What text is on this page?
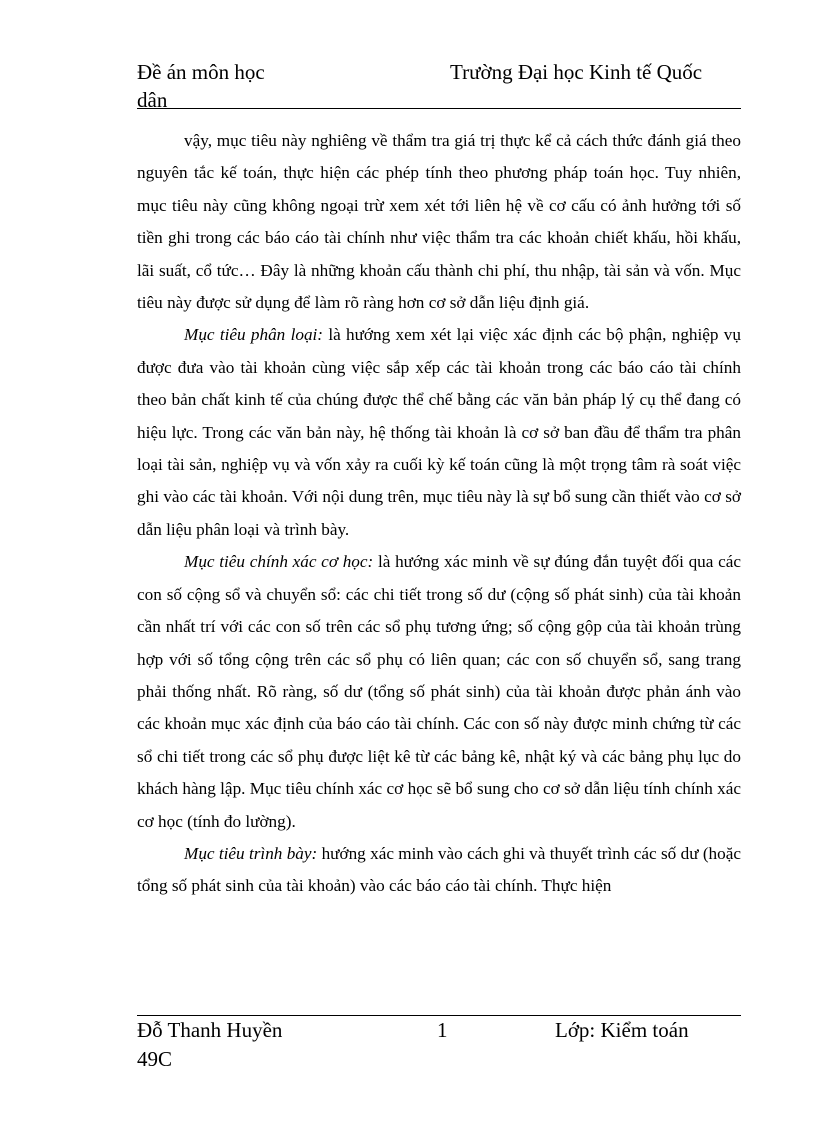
Đề án môn học dân
Trường Đại học Kinh tế Quốc

vậy, mục tiêu này nghiêng về thẩm tra giá trị thực kể cả cách thức đánh giá theo nguyên tắc kế toán, thực hiện các phép tính theo phương pháp toán học. Tuy nhiên, mục tiêu này cũng không ngoại trừ xem xét tới liên hệ về cơ cấu có ảnh hưởng tới số tiền ghi trong các báo cáo tài chính như việc thẩm tra các khoản chiết khấu, hồi khấu, lãi suất, cổ tức… Đây là những khoản cấu thành chi phí, thu nhập, tài sản và vốn. Mục tiêu này được sử dụng để làm rõ ràng hơn cơ sở dẫn liệu định giá.

Mục tiêu phân loại: là hướng xem xét lại việc xác định các bộ phận, nghiệp vụ được đưa vào tài khoản cùng việc sắp xếp các tài khoản trong các báo cáo tài chính theo bản chất kinh tế của chúng được thể chế bằng các văn bản pháp lý cụ thể đang có hiệu lực. Trong các văn bản này, hệ thống tài khoản là cơ sở ban đầu để thẩm tra phân loại tài sản, nghiệp vụ và vốn xảy ra cuối kỳ kế toán cũng là một trọng tâm rà soát việc ghi vào các tài khoản. Với nội dung trên, mục tiêu này là sự bổ sung cần thiết vào cơ sở dẫn liệu phân loại và trình bày.

Mục tiêu chính xác cơ học: là hướng xác minh về sự đúng đắn tuyệt đối qua các con số cộng sổ và chuyển sổ: các chi tiết trong số dư (cộng số phát sinh) của tài khoản cần nhất trí với các con số trên các sổ phụ tương ứng; số cộng gộp của tài khoản trùng hợp với số tổng cộng trên các sổ phụ có liên quan; các con số chuyển sổ, sang trang phải thống nhất. Rõ ràng, số dư (tổng số phát sinh) của tài khoản được phản ánh vào các khoản mục xác định của báo cáo tài chính. Các con số này được minh chứng từ các sổ chi tiết trong các sổ phụ được liệt kê từ các bảng kê, nhật ký và các bảng phụ lục do khách hàng lập. Mục tiêu chính xác cơ học sẽ bổ sung cho cơ sở dẫn liệu tính chính xác cơ học (tính đo lường).

Mục tiêu trình bày: hướng xác minh vào cách ghi và thuyết trình các số dư (hoặc tổng số phát sinh của tài khoản) vào các báo cáo tài chính. Thực hiện

Đỗ Thanh Huyền 49C
1	Lớp: Kiểm toán
